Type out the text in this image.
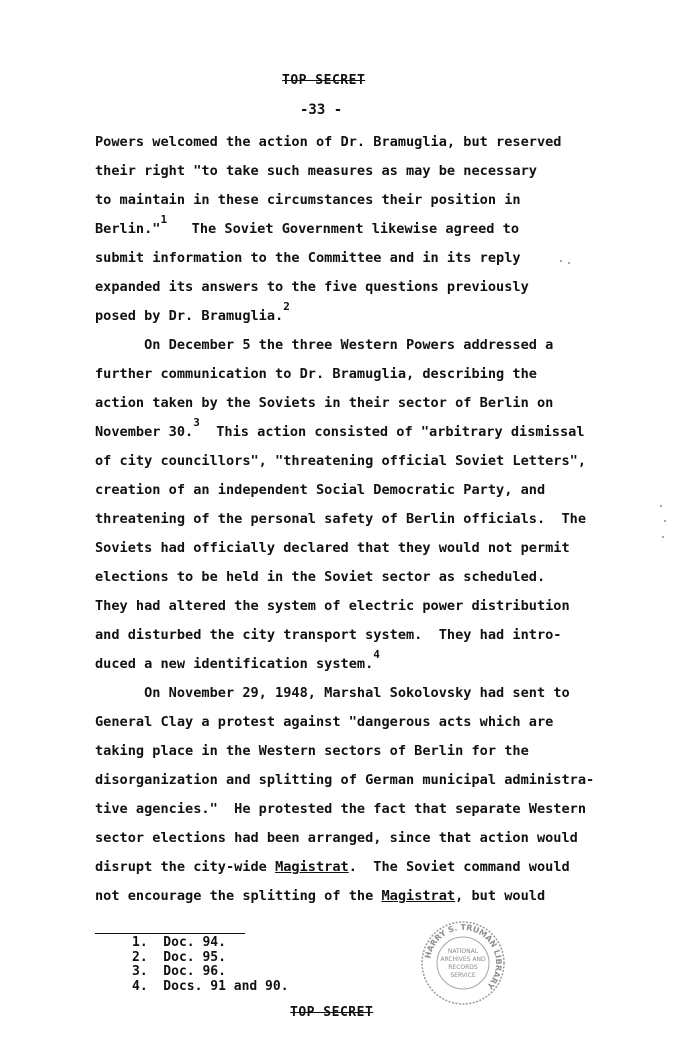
TOP SECRET
-33 -

Powers welcomed the action of Dr. Bramuglia, but reserved
their right "to take such measures as may be necessary
to maintain in these circumstances their position in
Berlin."$^1$   The Soviet Government likewise agreed to
submit information to the Committee and in its reply
expanded its answers to the five questions previously
posed by Dr. Bramuglia.$^2$

On December 5 the three Western Powers addressed a
further communication to Dr. Bramuglia, describing the
action taken by the Soviets in their sector of Berlin on
November 30.$^3$  This action consisted of "arbitrary dismissal
of city councillors", "threatening official Soviet Letters",
creation of an independent Social Democratic Party, and
threatening of the personal safety of Berlin officials.  The
Soviets had officially declared that they would not permit
elections to be held in the Soviet sector as scheduled.
They had altered the system of electric power distribution
and disturbed the city transport system.  They had intro-
duced a new identification system.$^4$

On November 29, 1948, Marshal Sokolovsky had sent to
General Clay a protest against "dangerous acts which are
taking place in the Western sectors of Berlin for the
disorganization and splitting of German municipal administra-
tive agencies."  He protested the fact that separate Western
sector elections had been arranged, since that action would
disrupt the city-wide Magistrat.  The Soviet command would
not encourage the splitting of the Magistrat, but would

1.  Doc. 94.
2.  Doc. 95.
3.  Doc. 96.
4.  Docs. 91 and 90.
HARRY S. TRUMAN LIBRARY
NATIONAL
ARCHIVES AND
RECORDS
SERVICE
TOP SECRET
